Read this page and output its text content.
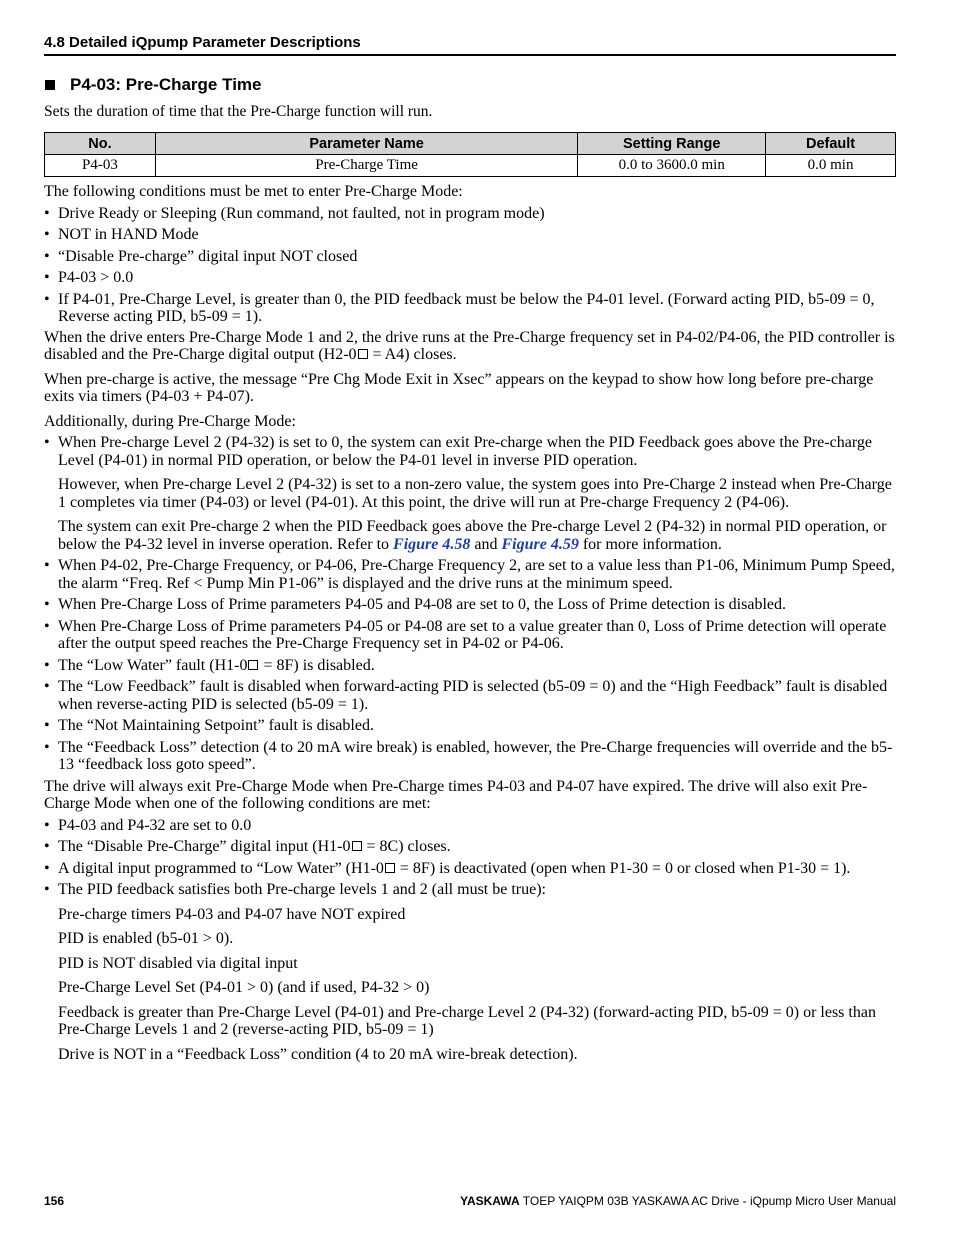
4.8 Detailed iQpump Parameter Descriptions
P4-03: Pre-Charge Time
Sets the duration of time that the Pre-Charge function will run.
No.	Parameter Name	Setting Range	Default
P4-03	Pre-Charge Time	0.0 to 3600.0 min	0.0 min

The following conditions must be met to enter Pre-Charge Mode:

• Drive Ready or Sleeping (Run command, not faulted, not in program mode)
• NOT in HAND Mode
• “Disable Pre-charge” digital input NOT closed
• P4-03 > 0.0
• If P4-01, Pre-Charge Level, is greater than 0, the PID feedback must be below the P4-01 level. (Forward acting PID, b5-09 = 0, Reverse acting PID, b5-09 = 1).

When the drive enters Pre-Charge Mode 1 and 2, the drive runs at the Pre-Charge frequency set in P4-02/P4-06, the PID controller is disabled and the Pre-Charge digital output (H2-0 = A4) closes.

When pre-charge is active, the message “Pre Chg Mode Exit in Xsec” appears on the keypad to show how long before pre-charge exits via timers (P4-03 + P4-07).

Additionally, during Pre-Charge Mode:

• When Pre-charge Level 2 (P4-32) is set to 0, the system can exit Pre-charge when the PID Feedback goes above the Pre-charge Level (P4-01) in normal PID operation, or below the P4-01 level in inverse PID operation.
However, when Pre-charge Level 2 (P4-32) is set to a non-zero value, the system goes into Pre-Charge 2 instead when Pre-Charge 1 completes via timer (P4-03) or level (P4-01). At this point, the drive will run at Pre-charge Frequency 2 (P4-06).
The system can exit Pre-charge 2 when the PID Feedback goes above the Pre-charge Level 2 (P4-32) in normal PID operation, or below the P4-32 level in inverse operation. Refer to Figure 4.58 and Figure 4.59 for more information.
• When P4-02, Pre-Charge Frequency, or P4-06, Pre-Charge Frequency 2, are set to a value less than P1-06, Minimum Pump Speed, the alarm “Freq. Ref < Pump Min P1-06” is displayed and the drive runs at the minimum speed.
• When Pre-Charge Loss of Prime parameters P4-05 and P4-08 are set to 0, the Loss of Prime detection is disabled.
• When Pre-Charge Loss of Prime parameters P4-05 or P4-08 are set to a value greater than 0, Loss of Prime detection will operate after the output speed reaches the Pre-Charge Frequency set in P4-02 or P4-06.
• The “Low Water” fault (H1-0 = 8F) is disabled.
• The “Low Feedback” fault is disabled when forward-acting PID is selected (b5-09 = 0) and the “High Feedback” fault is disabled when reverse-acting PID is selected (b5-09 = 1).
• The “Not Maintaining Setpoint” fault is disabled.
• The “Feedback Loss” detection (4 to 20 mA wire break) is enabled, however, the Pre-Charge frequencies will override and the b5-13 “feedback loss goto speed”.

The drive will always exit Pre-Charge Mode when Pre-Charge times P4-03 and P4-07 have expired. The drive will also exit Pre-Charge Mode when one of the following conditions are met:

• P4-03 and P4-32 are set to 0.0
• The “Disable Pre-Charge” digital input (H1-0 = 8C) closes.
• A digital input programmed to “Low Water” (H1-0 = 8F) is deactivated (open when P1-30 = 0 or closed when P1-30 = 1).
• The PID feedback satisfies both Pre-charge levels 1 and 2 (all must be true):
Pre-charge timers P4-03 and P4-07 have NOT expired
PID is enabled (b5-01 > 0).
PID is NOT disabled via digital input
Pre-Charge Level Set (P4-01 > 0) (and if used, P4-32 > 0)
Feedback is greater than Pre-Charge Level (P4-01) and Pre-charge Level 2 (P4-32) (forward-acting PID, b5-09 = 0) or less than Pre-Charge Levels 1 and 2 (reverse-acting PID, b5-09 = 1)
Drive is NOT in a “Feedback Loss” condition (4 to 20 mA wire-break detection).
156	YASKAWA TOEP YAIQPM 03B YASKAWA AC Drive - iQpump Micro User Manual
